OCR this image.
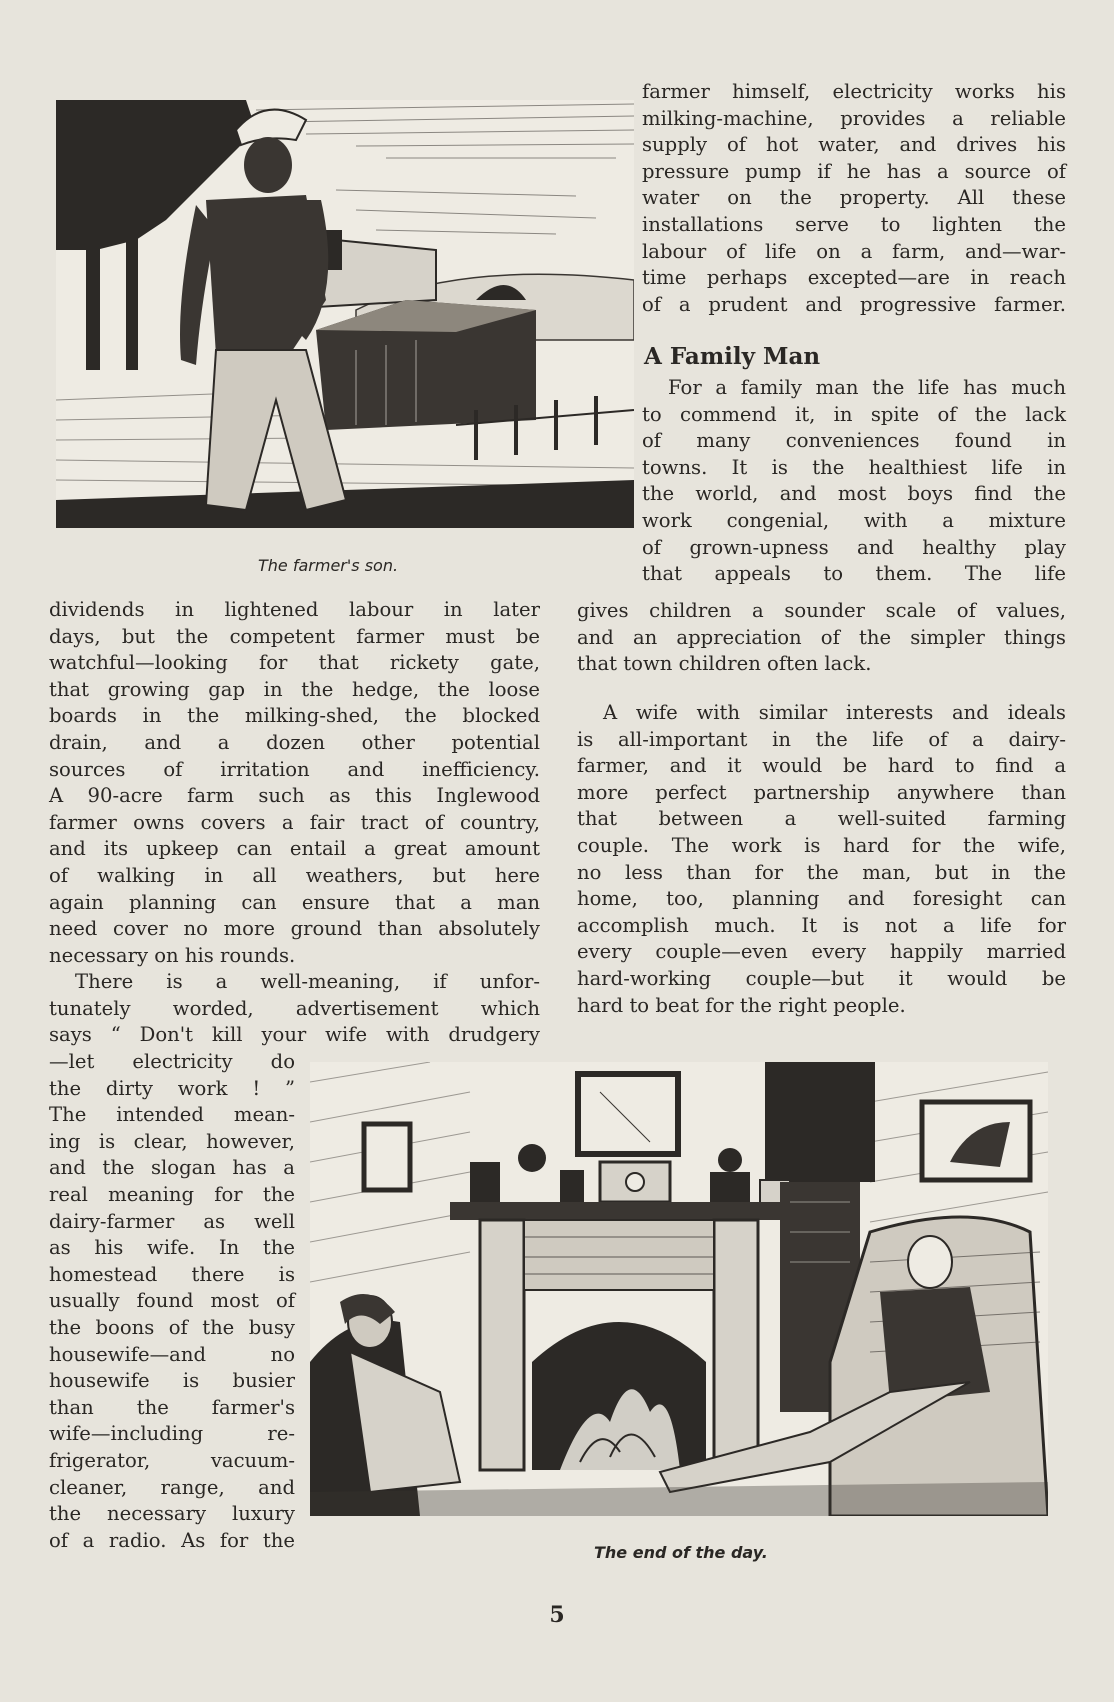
The farmer's son.

farmer himself, electricity works his
milking-machine, provides a reliable
supply of hot water, and drives his
pressure pump if he has a source of
water on the property. All these
installations serve to lighten the
labour of life on a farm, and—war-
time perhaps excepted—are in reach
of a prudent and progressive farmer.

A Family Man

For a family man the life has much
to commend it, in spite of the lack
of many conveniences found in
towns. It is the healthiest life in
the world, and most boys find the
work congenial, with a mixture
of grown-upness and healthy play
that appeals to them. The life

gives children a sounder scale of values,
and an appreciation of the simpler things
that town children often lack.

A wife with similar interests and ideals
is all-important in the life of a dairy-
farmer, and it would be hard to find a
more perfect partnership anywhere than
that between a well-suited farming
couple. The work is hard for the wife,
no less than for the man, but in the
home, too, planning and foresight can
accomplish much. It is not a life for
every couple—even every happily married
hard-working couple—but it would be
hard to beat for the right people.

dividends in lightened labour in later
days, but the competent farmer must be
watchful—looking for that rickety gate,
that growing gap in the hedge, the loose
boards in the milking-shed, the blocked
drain, and a dozen other potential
sources of irritation and inefficiency.
A 90-acre farm such as this Inglewood
farmer owns covers a fair tract of country,
and its upkeep can entail a great amount
of walking in all weathers, but here
again planning can ensure that a man
need cover no more ground than absolutely
necessary on his rounds.

There is a well-meaning, if unfor-
tunately worded, advertisement which
says “ Don't kill your wife with drudgery

—let electricity do
the dirty work ! ”
The intended mean-
ing is clear, however,
and the slogan has a
real meaning for the
dairy-farmer as well
as his wife. In the
homestead there is
usually found most of
the boons of the busy
housewife—and no
housewife is busier
than the farmer's
wife—including re-
frigerator, vacuum-
cleaner, range, and
the necessary luxury
of a radio. As for the

The end of the day.
5
